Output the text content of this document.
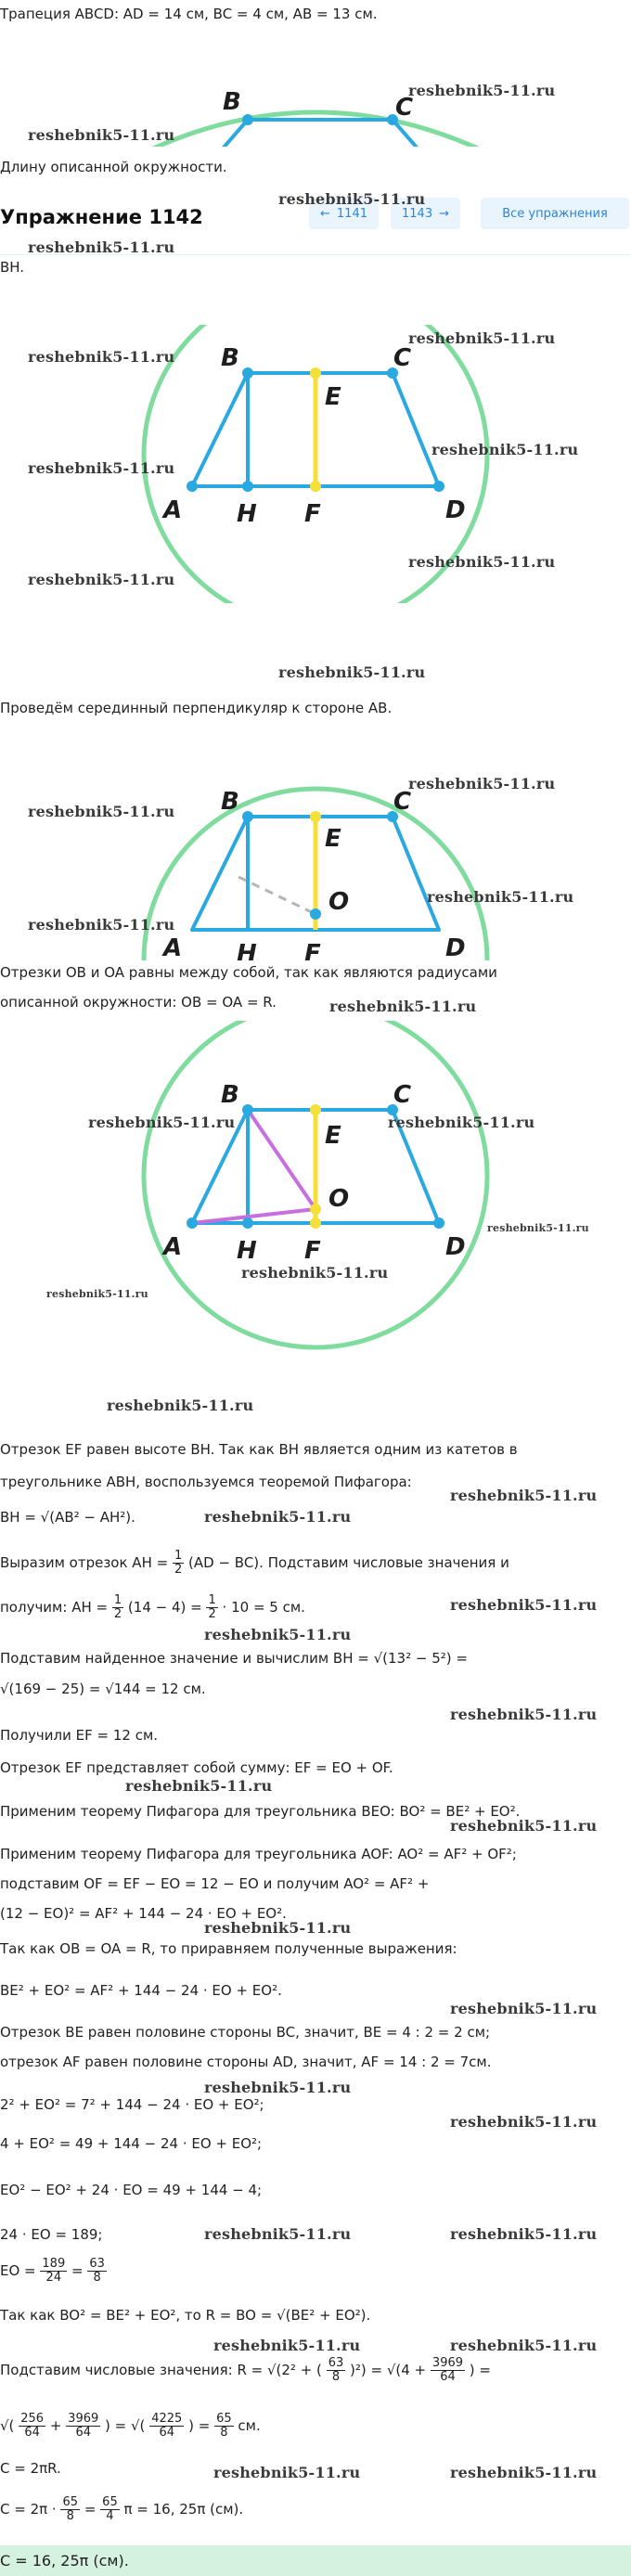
Трапеция ABCD: AD = 14 см, BC = 4 см, AB = 13 см.
B	C
Длину описанной окружности.
Упражнение 1142	← 1141	1143 →	Все упражнения
BH.
B	C
E
A H F	D
Проведём серединный перпендикуляр к стороне AB.
B	C
E
O
A H F	D
Отрезки OB и OA равны между собой, так как являются радиусами
описанной окружности: OB = OA = R.
B	C
E
O
A H F	D
Отрезок EF равен высоте BH. Так как BH является одним из катетов в
треугольнике ABH, воспользуемся теоремой Пифагора:
BH = √(AB² − AH²).
Выразим отрезок AH = $\frac{1}{2} (AD - BC)$. Подставим числовые значения и
получим: AH = $\frac{1}{2} (14 - 4) = \frac{1}{2} \cdot 10 = 5$ см.
Подставим найденное значение и вычислим BH = √(13² − 5²) =
√(169 − 25) = √144 = 12 см.
Получили EF = 12 см.
Отрезок EF представляет собой сумму: EF = EO + OF.
Применим теорему Пифагора для треугольника BEO: BO² = BE² + EO².
Применим теорему Пифагора для треугольника AOF: AO² = AF² + OF²;
подставим OF = EF − EO = 12 − EO и получим AO² = AF² +
(12 − EO)² = AF² + 144 − 24 · EO + EO².
Так как OB = OA = R, то приравняем полученные выражения:
BE² + EO² = AF² + 144 − 24 · EO + EO².
Отрезок BE равен половине стороны BC, значит, BE = 4 : 2 = 2 см;
отрезок AF равен половине стороны AD, значит, AF = 14 : 2 = 7см.
2² + EO² = 7² + 144 − 24 · EO + EO²;
4 + EO² = 49 + 144 − 24 · EO + EO²;
EO² − EO² + 24 · EO = 49 + 144 − 4;
24 · EO = 189;
EO = $\frac{189}{24} = \frac{63}{8}$
Так как BO² = BE² + EO², то R = BO = √(BE² + EO²).
Подставим числовые значения: R = √(2² + ( $\frac{63}{8} )^2) = √(4 + \frac{3969}{64}$ ) =
√( $\frac{256}{64} + \frac{3969}{64}$ ) = √( $\frac{4225}{64}$ ) = $\frac{65}{8}$ см.
C = 2πR.
$C = 2\pi \cdot \frac{65}{8} = \frac{65}{4}$ π = 16, 25π (см).
C = 16, 25π (см).
reshebnik5-11.ru
reshebnik5-11.ru
reshebnik5-11.ru
reshebnik5-11.ru
reshebnik5-11.ru
reshebnik5-11.ru
reshebnik5-11.ru
reshebnik5-11.ru
reshebnik5-11.ru
reshebnik5-11.ru
reshebnik5-11.ru
reshebnik5-11.ru
reshebnik5-11.ru
reshebnik5-11.ru
reshebnik5-11.ru
reshebnik5-11.ru
reshebnik5-11.ru	reshebnik5-11.ru
reshebnik5-11.ru
reshebnik5-11.ru
reshebnik5-11.ru
reshebnik5-11.ru
reshebnik5-11.ru
reshebnik5-11.ru
reshebnik5-11.ru
reshebnik5-11.ru
reshebnik5-11.ru
reshebnik5-11.ru
reshebnik5-11.ru
reshebnik5-11.ru
reshebnik5-11.ru
reshebnik5-11.ru
reshebnik5-11.ru
reshebnik5-11.ru	reshebnik5-11.ru
reshebnik5-11.ru	reshebnik5-11.ru
reshebnik5-11.ru	reshebnik5-11.ru
